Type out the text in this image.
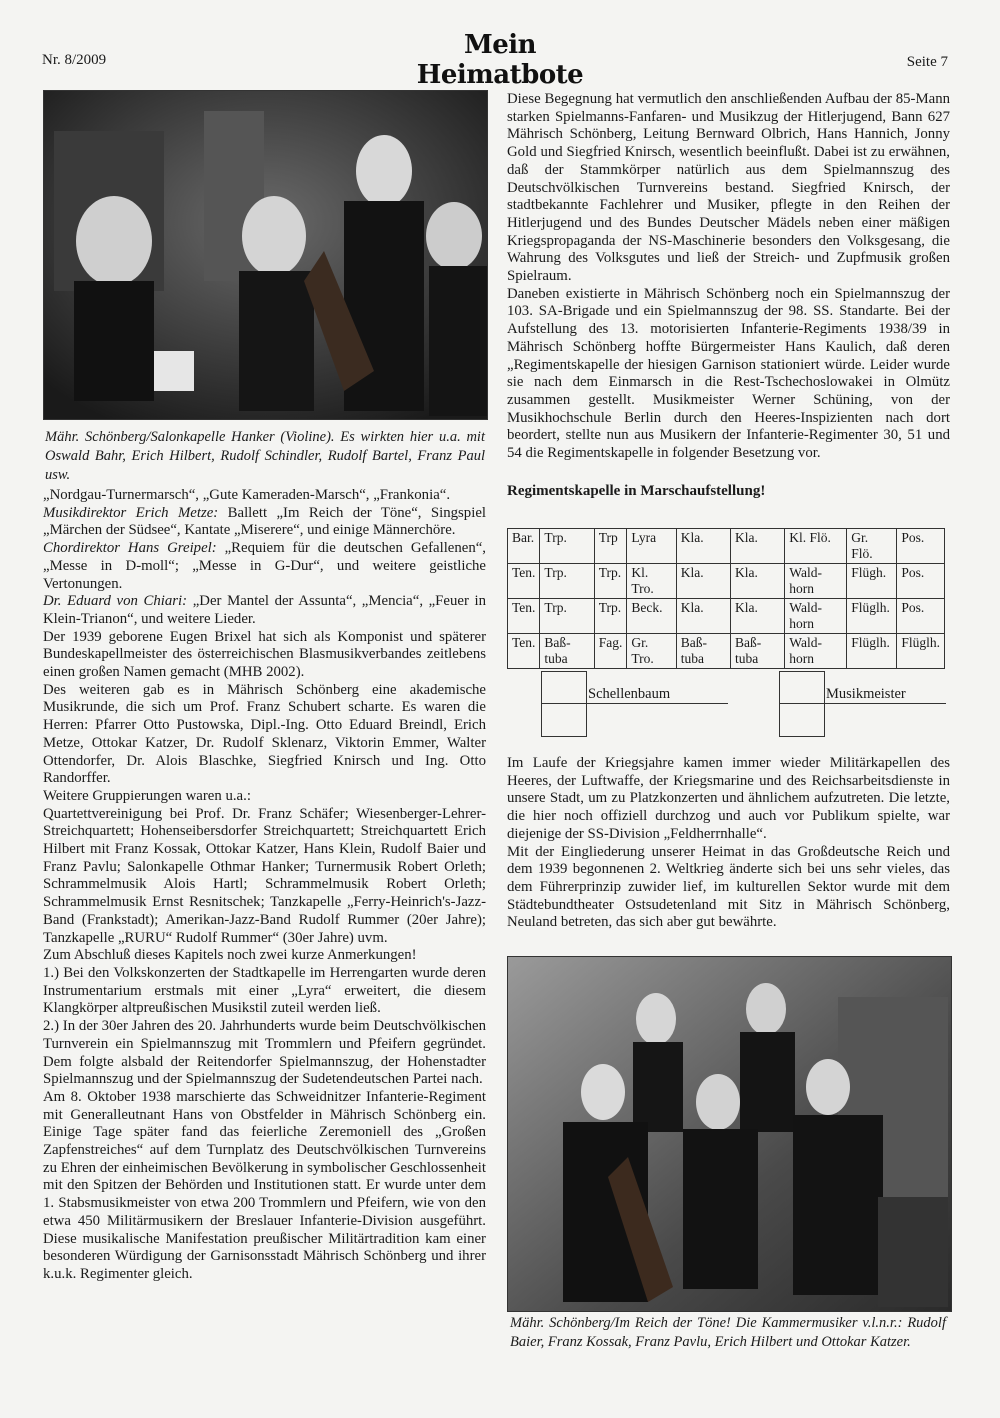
Nr. 8/2009	Mein Heimatbote	Seite 7
Mähr. Schönberg/Salonkapelle Hanker (Violine). Es wirkten hier u.a. mit Oswald Bahr, Erich Hilbert, Rudolf Schindler, Rudolf Bartel, Franz Paul usw.

„Nordgau-Turnermarsch“, „Gute Kameraden-Marsch“, „Frankonia“.

Musikdirektor Erich Metze: Ballett „Im Reich der Töne“, Singspiel „Märchen der Südsee“, Kantate „Miserere“, und einige Männerchöre.

Chordirektor Hans Greipel: „Requiem für die deutschen Gefallenen“, „Messe in D-moll“; „Messe in G-Dur“, und weitere geistliche Vertonungen.

Dr. Eduard von Chiari: „Der Mantel der Assunta“, „Mencia“, „Feuer in Klein-Trianon“, und weitere Lieder.

Der 1939 geborene Eugen Brixel hat sich als Komponist und späterer Bundeskapellmeister des österreichischen Blasmusikverbandes zeitlebens einen großen Namen gemacht (MHB 2002).

Des weiteren gab es in Mährisch Schönberg eine akademische Musikrunde, die sich um Prof. Franz Schubert scharte. Es waren die Herren: Pfarrer Otto Pustowska, Dipl.-Ing. Otto Eduard Breindl, Erich Metze, Ottokar Katzer, Dr. Rudolf Sklenarz, Viktorin Emmer, Walter Ottendorfer, Dr. Alois Blaschke, Siegfried Knirsch und Ing. Otto Randorffer.

Weitere Gruppierungen waren u.a.:

Quartettvereinigung bei Prof. Dr. Franz Schäfer; Wiesenberger-Lehrer-Streichquartett; Hohenseibersdorfer Streichquartett; Streichquartett Erich Hilbert mit Franz Kossak, Ottokar Katzer, Hans Klein, Rudolf Baier und Franz Pavlu; Salonkapelle Othmar Hanker; Turnermusik Robert Orleth; Schrammelmusik Alois Hartl; Schrammelmusik Robert Orleth; Schrammelmusik Ernst Resnitschek; Tanzkapelle „Ferry-Heinrich's-Jazz-Band (Frankstadt); Amerikan-Jazz-Band Rudolf Rummer (20er Jahre); Tanzkapelle „RURU“ Rudolf Rummer“ (30er Jahre) uvm.

Zum Abschluß dieses Kapitels noch zwei kurze Anmerkungen!

1.) Bei den Volkskonzerten der Stadtkapelle im Herrengarten wurde deren Instrumentarium erstmals mit einer „Lyra“ erweitert, die diesem Klangkörper altpreußischen Musikstil zuteil werden ließ.

2.) In der 30er Jahren des 20. Jahrhunderts wurde beim Deutschvölkischen Turnverein ein Spielmannszug mit Trommlern und Pfeifern gegründet. Dem folgte alsbald der Reitendorfer Spielmannszug, der Hohenstadter Spielmannszug und der Spielmannszug der Sudetendeutschen Partei nach.

Am 8. Oktober 1938 marschierte das Schweidnitzer Infanterie-Regiment mit Generalleutnant Hans von Obstfelder in Mährisch Schönberg ein. Einige Tage später fand das feierliche Zeremoniell des „Großen Zapfenstreiches“ auf dem Turnplatz des Deutschvölkischen Turnvereins zu Ehren der einheimischen Bevölkerung in symbolischer Geschlossenheit mit den Spitzen der Behörden und Institutionen statt. Er wurde unter dem 1. Stabsmusikmeister von etwa 200 Trommlern und Pfeifern, wie von den etwa 450 Militärmusikern der Breslauer Infanterie-Division ausgeführt. Diese musikalische Manifestation preußischer Militärtradition kam einer besonderen Würdigung der Garnisonsstadt Mährisch Schönberg und ihrer k.u.k. Regimenter gleich.

Diese Begegnung hat vermutlich den anschließenden Aufbau der 85-Mann starken Spielmanns-Fanfaren- und Musikzug der Hitlerjugend, Bann 627 Mährisch Schönberg, Leitung Bernward Olbrich, Hans Hannich, Jonny Gold und Siegfried Knirsch, wesentlich beeinflußt. Dabei ist zu erwähnen, daß der Stammkörper natürlich aus dem Spielmannszug des Deutschvölkischen Turnvereins bestand. Siegfried Knirsch, der stadtbekannte Fachlehrer und Musiker, pflegte in den Reihen der Hitlerjugend und des Bundes Deutscher Mädels neben einer mäßigen Kriegspropaganda der NS-Maschinerie besonders den Volksgesang, die Wahrung des Volksgutes und ließ der Streich- und Zupfmusik großen Spielraum.

Daneben existierte in Mährisch Schönberg noch ein Spielmannszug der 103. SA-Brigade und ein Spielmannszug der 98. SS. Standarte. Bei der Aufstellung des 13. motorisierten Infanterie-Regiments 1938/39 in Mährisch Schönberg hoffte Bürgermeister Hans Kaulich, daß deren „Regimentskapelle der hiesigen Garnison stationiert würde. Leider wurde sie nach dem Einmarsch in die Rest-Tschechoslowakei in Olmütz zusammen gestellt. Musikmeister Werner Schüning, von der Musikhochschule Berlin durch den Heeres-Inspizienten nach dort beordert, stellte nun aus Musikern der Infanterie-Regimenter 30, 51 und 54 die Regimentskapelle in folgender Besetzung vor.

Regimentskapelle in Marschaufstellung!
Bar.	Trp.	Trp	Lyra	Kla.	Kla.	Kl. Flö.	Gr. Flö.	Pos.
Ten.	Trp.	Trp.	Kl. Tro.	Kla.	Kla.	Wald-horn	Flügh.	Pos.
Ten.	Trp.	Trp.	Beck.	Kla.	Kla.	Wald-horn	Flüglh.	Pos.
Ten.	Baß-tuba	Fag.	Gr. Tro.	Baß-tuba	Baß-tuba	Wald-horn	Flüglh.	Flüglh.
Schellenbaum	Musikmeister

Im Laufe der Kriegsjahre kamen immer wieder Militärkapellen des Heeres, der Luftwaffe, der Kriegsmarine und des Reichsarbeitsdienste in unsere Stadt, um zu Platzkonzerten und ähnlichem aufzutreten. Die letzte, die hier noch offiziell durchzog und auch vor Publikum spielte, war diejenige der SS-Division „Feldherrnhalle“.

Mit der Eingliederung unserer Heimat in das Großdeutsche Reich und dem 1939 begonnenen 2. Weltkrieg änderte sich bei uns sehr vieles, das dem Führerprinzip zuwider lief, im kulturellen Sektor wurde mit dem Städtebundtheater Ostsudetenland mit Sitz in Mährisch Schönberg, Neuland betreten, das sich aber gut bewährte.

Mähr. Schönberg/Im Reich der Töne! Die Kammermusiker v.l.n.r.: Rudolf Baier, Franz Kossak, Franz Pavlu, Erich Hilbert und Ottokar Katzer.
